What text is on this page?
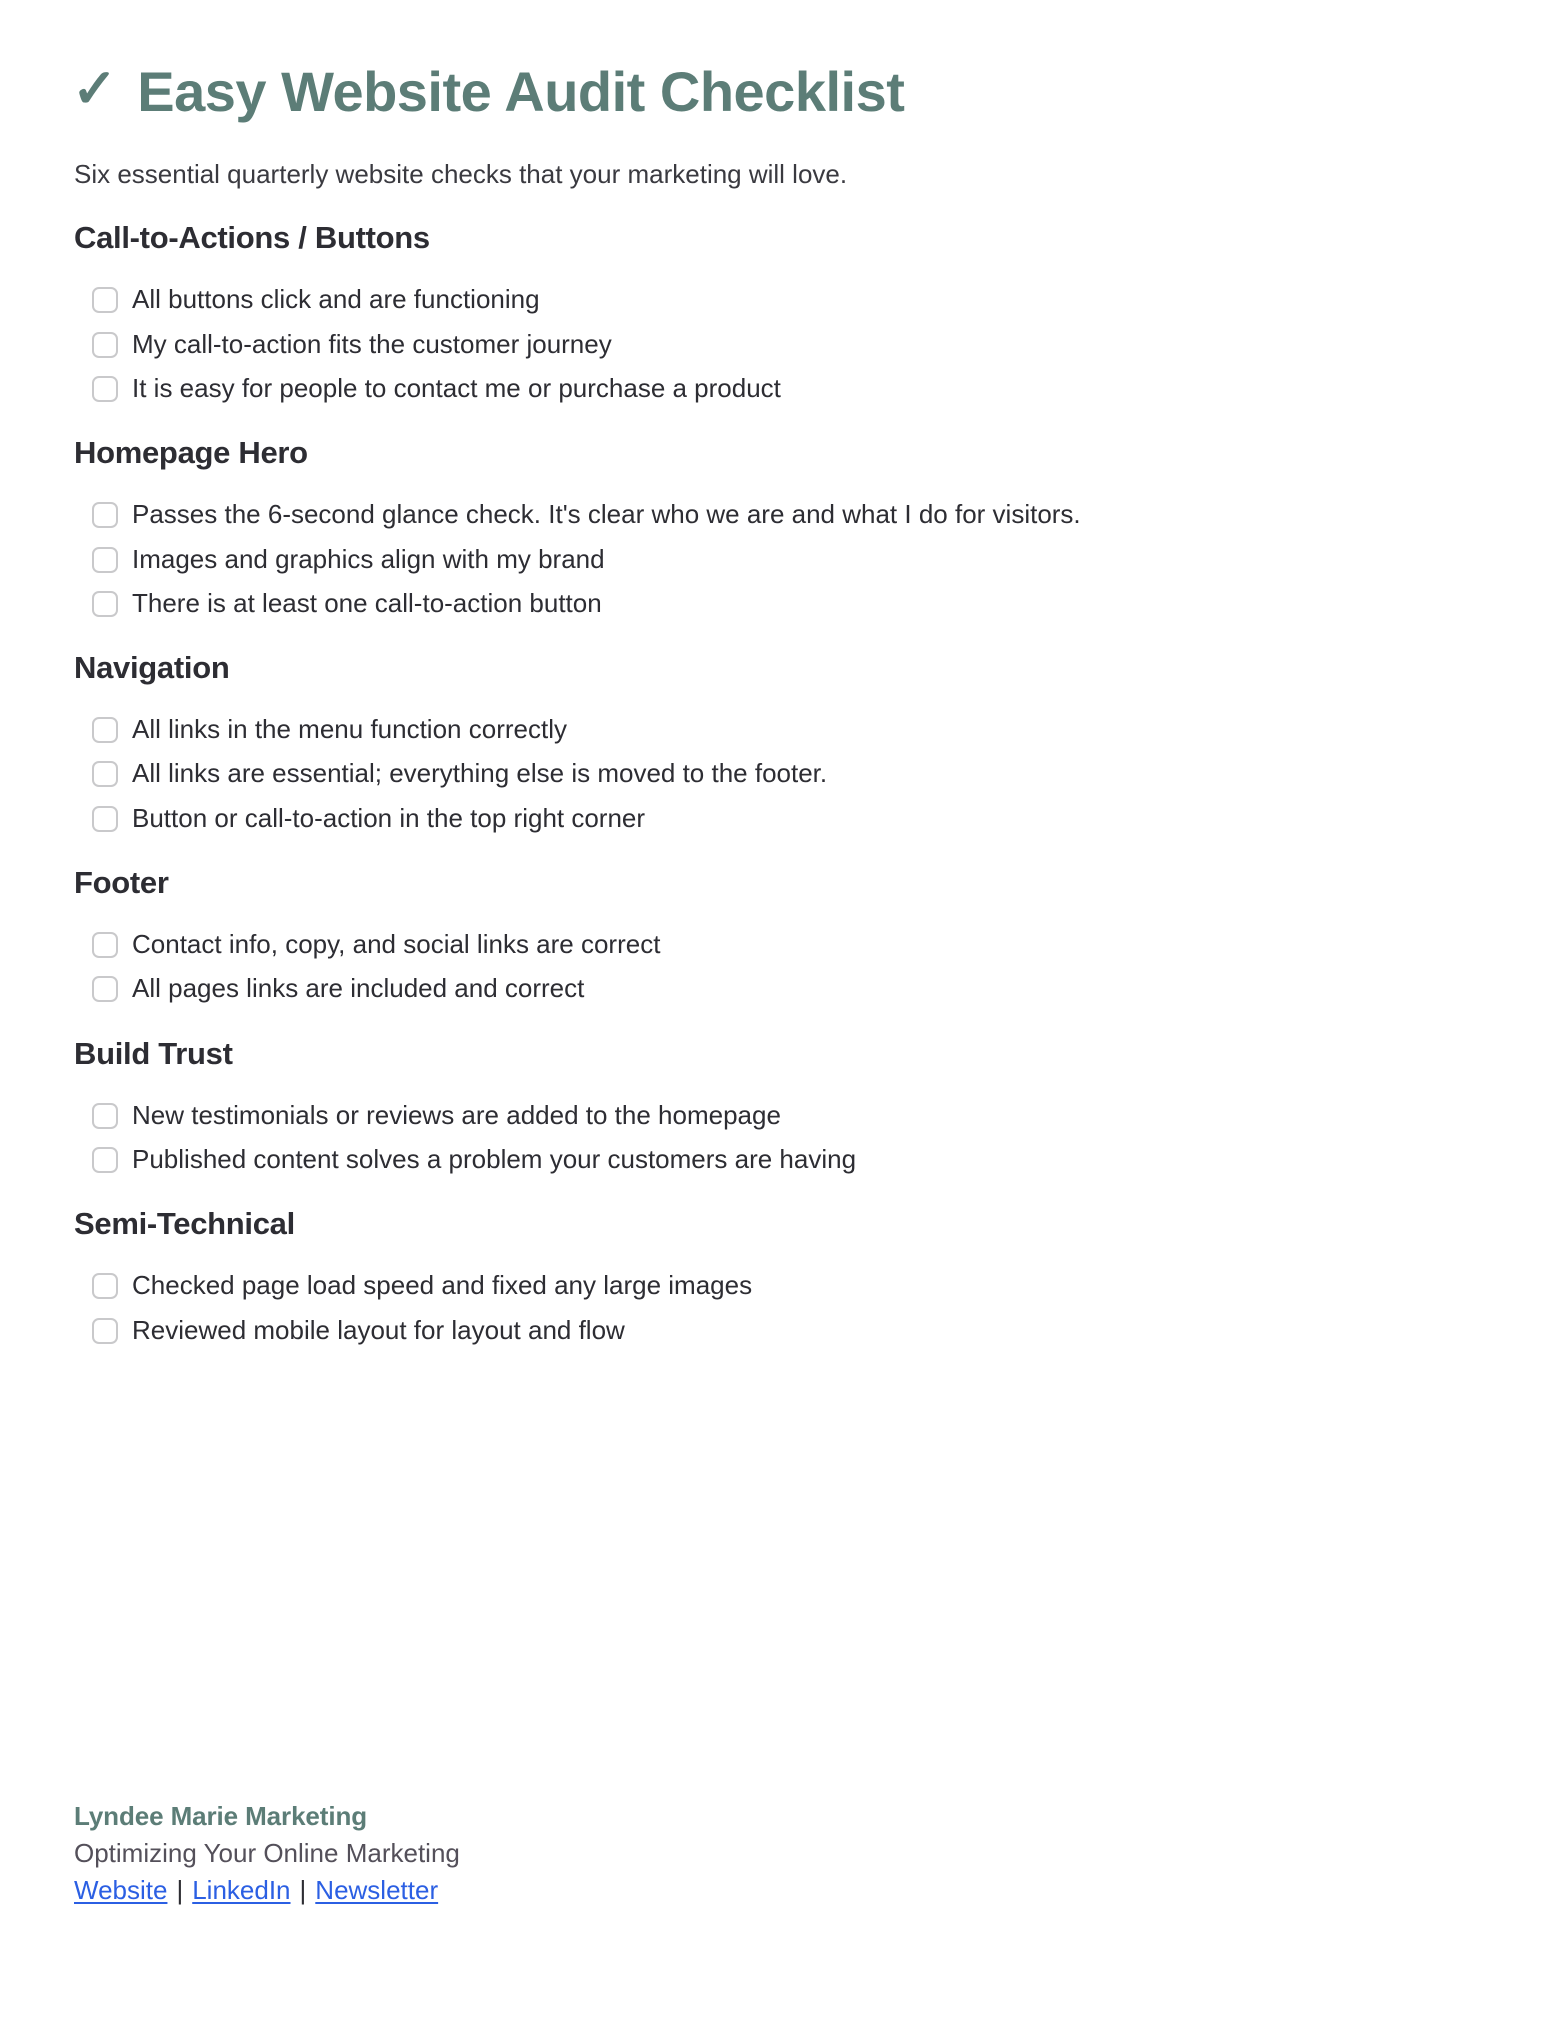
✓ Easy Website Audit Checklist

Six essential quarterly website checks that your marketing will love.

Call-to-Actions / Buttons
All buttons click and are functioning
My call-to-action fits the customer journey
It is easy for people to contact me or purchase a product
Homepage Hero
Passes the 6-second glance check. It's clear who we are and what I do for visitors.
Images and graphics align with my brand
There is at least one call-to-action button
Navigation
All links in the menu function correctly
All links are essential; everything else is moved to the footer.
Button or call-to-action in the top right corner
Footer
Contact info, copy, and social links are correct
All pages links are included and correct
Build Trust
New testimonials or reviews are added to the homepage
Published content solves a problem your customers are having
Semi-Technical
Checked page load speed and fixed any large images
Reviewed mobile layout for layout and flow
Lyndee Marie Marketing
Optimizing Your Online Marketing
Website | LinkedIn | Newsletter
